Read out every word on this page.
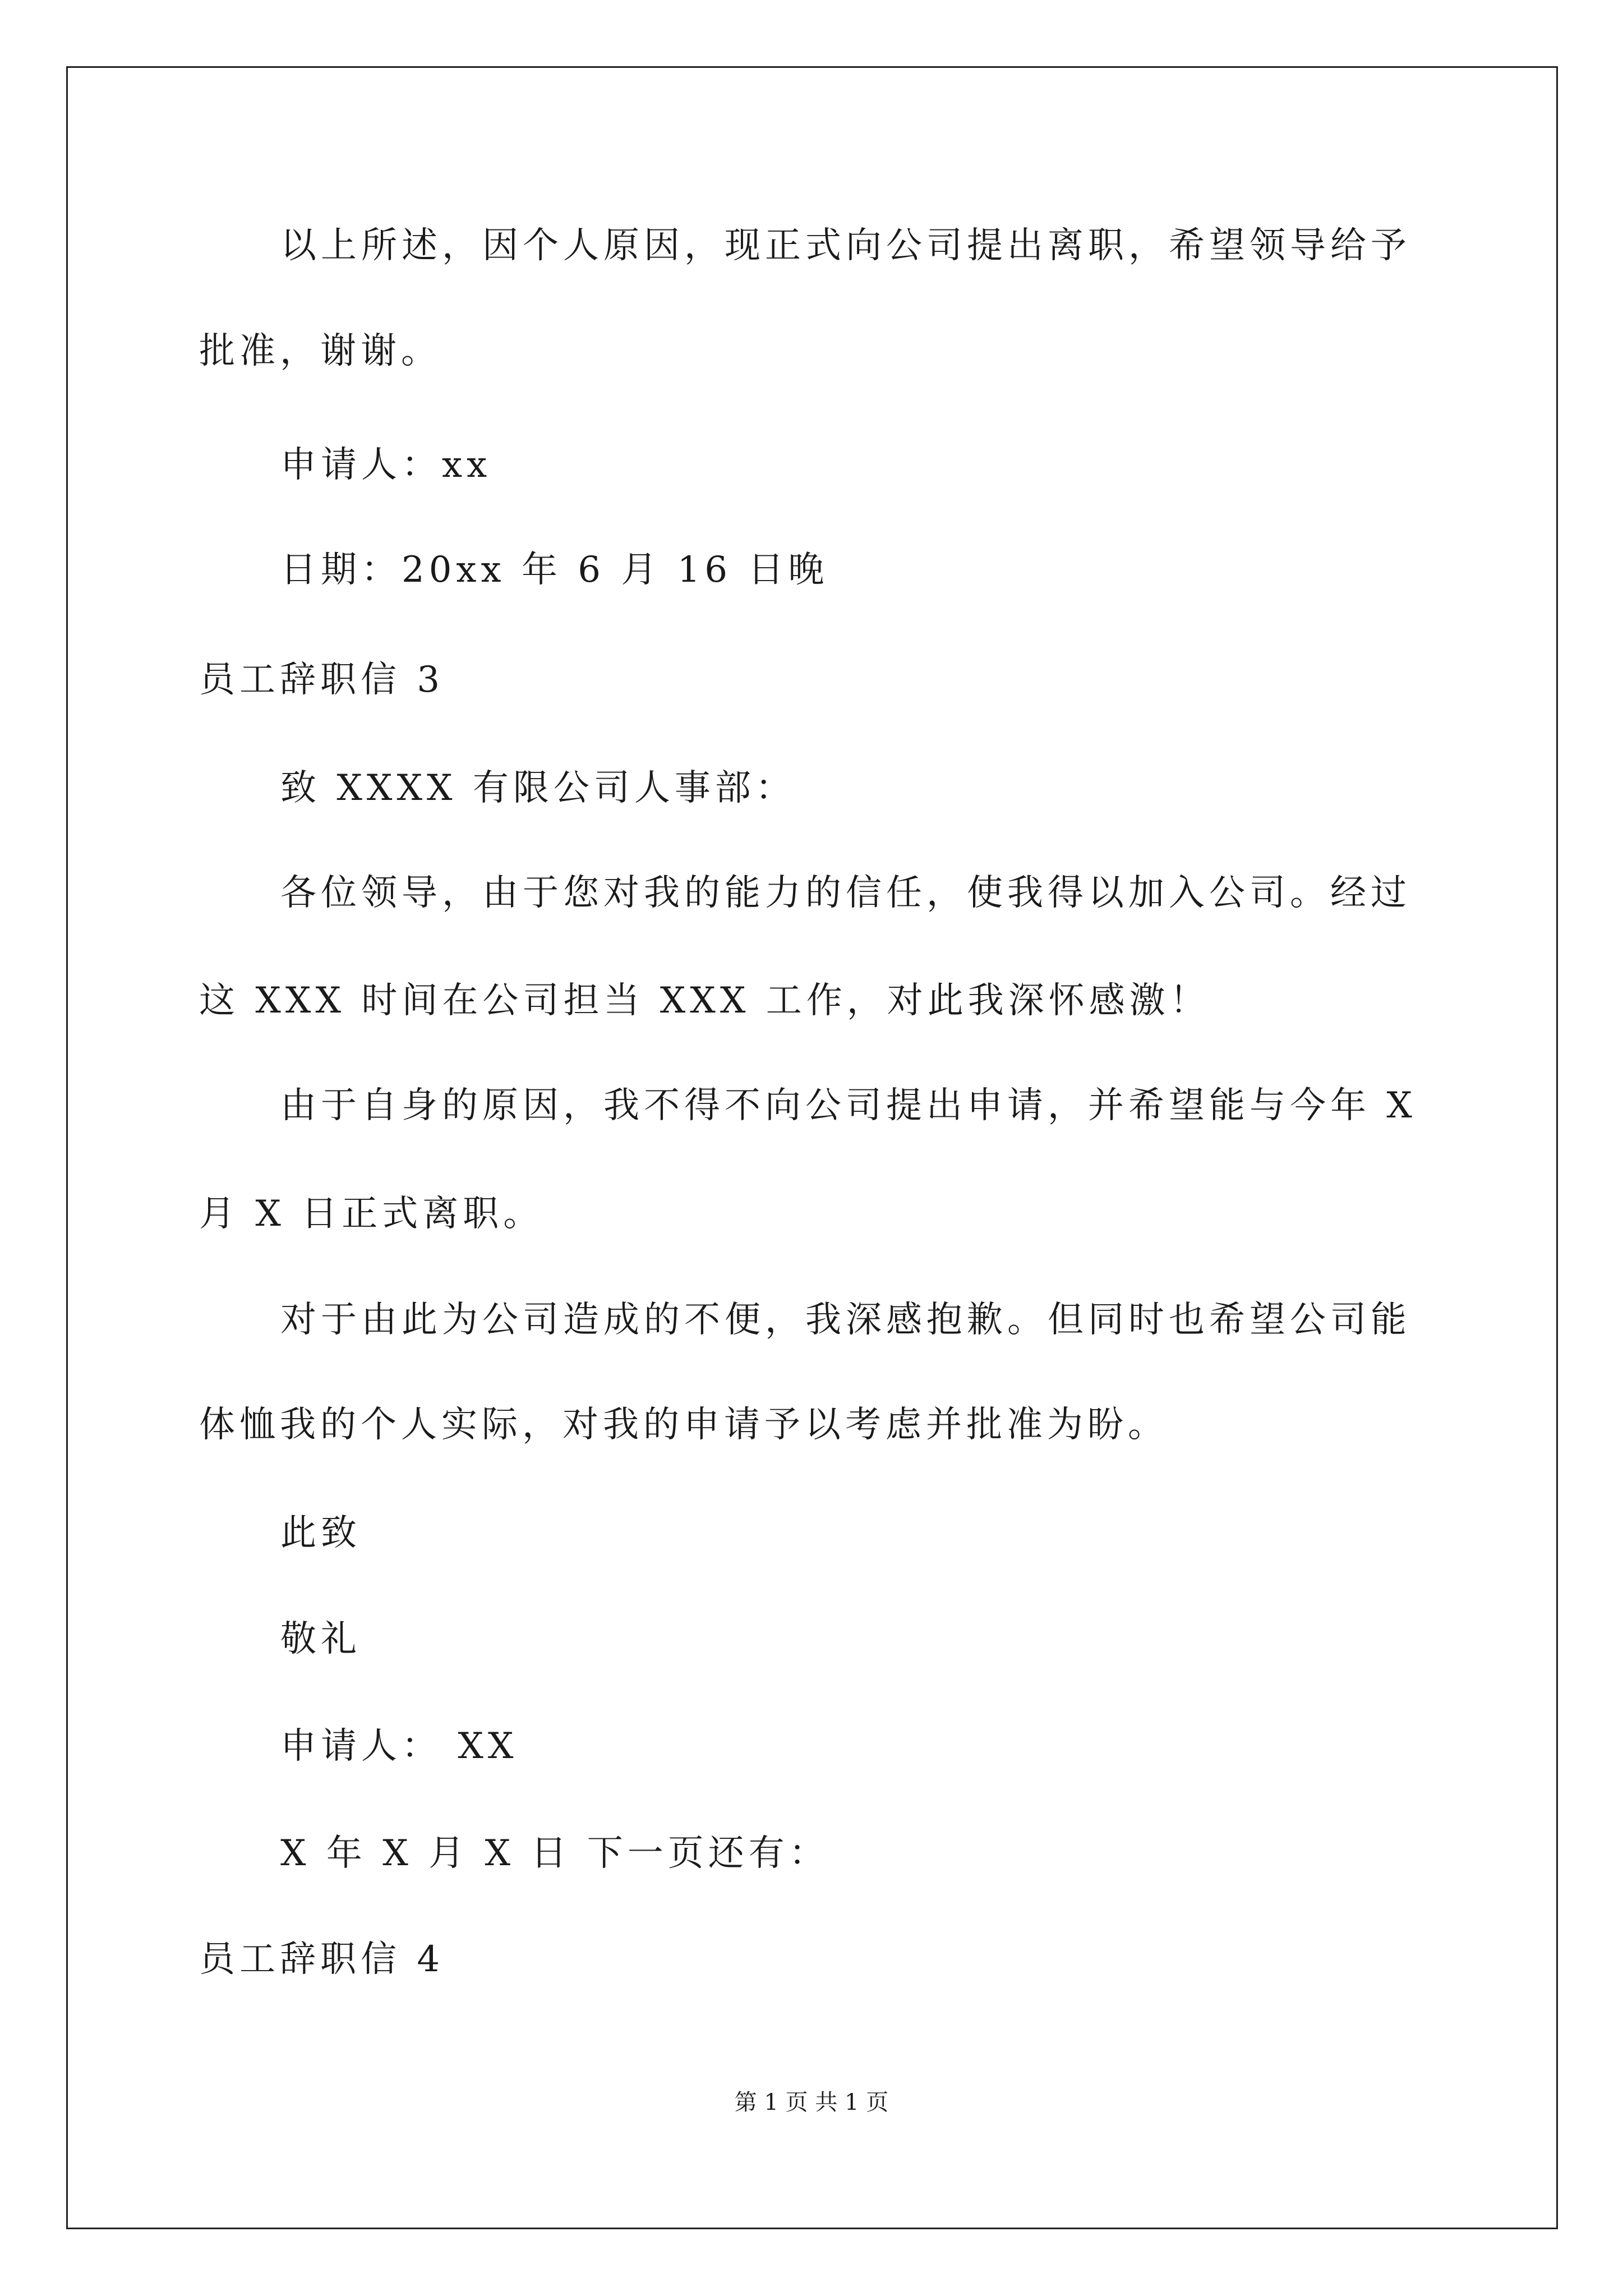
以上所述，因个人原因，现正式向公司提出离职，希望领导给予
批准，谢谢。
申请人：xx
日期：20xx 年 6 月 16 日晚
员工辞职信 3
致 XXXX 有限公司人事部：
各位领导，由于您对我的能力的信任，使我得以加入公司。经过
这 XXX 时间在公司担当 XXX 工作，对此我深怀感激！
由于自身的原因，我不得不向公司提出申请，并希望能与今年 X
月 X 日正式离职。
对于由此为公司造成的不便，我深感抱歉。但同时也希望公司能
体恤我的个人实际，对我的申请予以考虑并批准为盼。
此致
敬礼
申请人： XX
X 年 X 月 X 日 下一页还有：
员工辞职信 4
第 1 页 共 1 页
